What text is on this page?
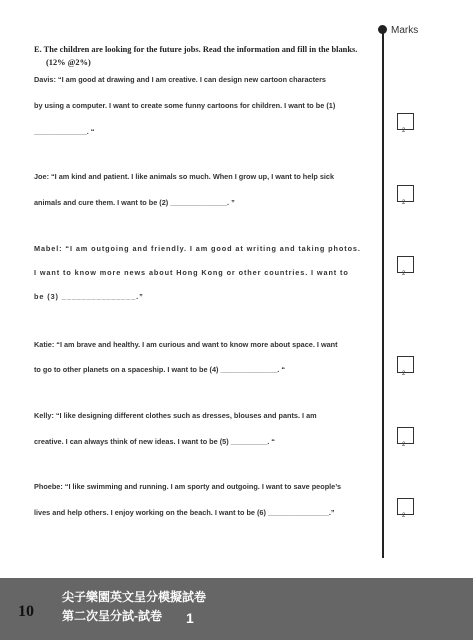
Marks
E. The children are looking for the future jobs. Read the information and fill in the blanks.
(12% @2%)
Davis: “I am good at drawing and I am creative. I can design new cartoon characters
by using a computer. I want to create some funny cartoons for children. I want to be (1)
_____________. “
Joe: “I am kind and patient. I like animals so much. When I grow up, I want to help sick
animals and cure them. I want to be (2) ______________. ”
Mabel: “I am outgoing and friendly. I am good at writing and taking photos.
I want to know more news about Hong Kong or other countries. I want to
be (3) _______________.”
Katie: “I am brave and healthy. I am curious and want to know more about space. I want
to go to other planets on a spaceship. I want to be (4) ______________. “
Kelly: “I like designing different clothes such as dresses, blouses and pants. I am
creative. I can always think of new ideas. I want to be (5) _________. “
Phoebe: “I like swimming and running. I am sporty and outgoing. I want to save people’s
lives and help others. I enjoy working on the beach. I want to be (6) _______________.”
2
2
2
2
2
2
10
尖子樂園英文呈分模擬試卷
第二次呈分試-試卷 1
